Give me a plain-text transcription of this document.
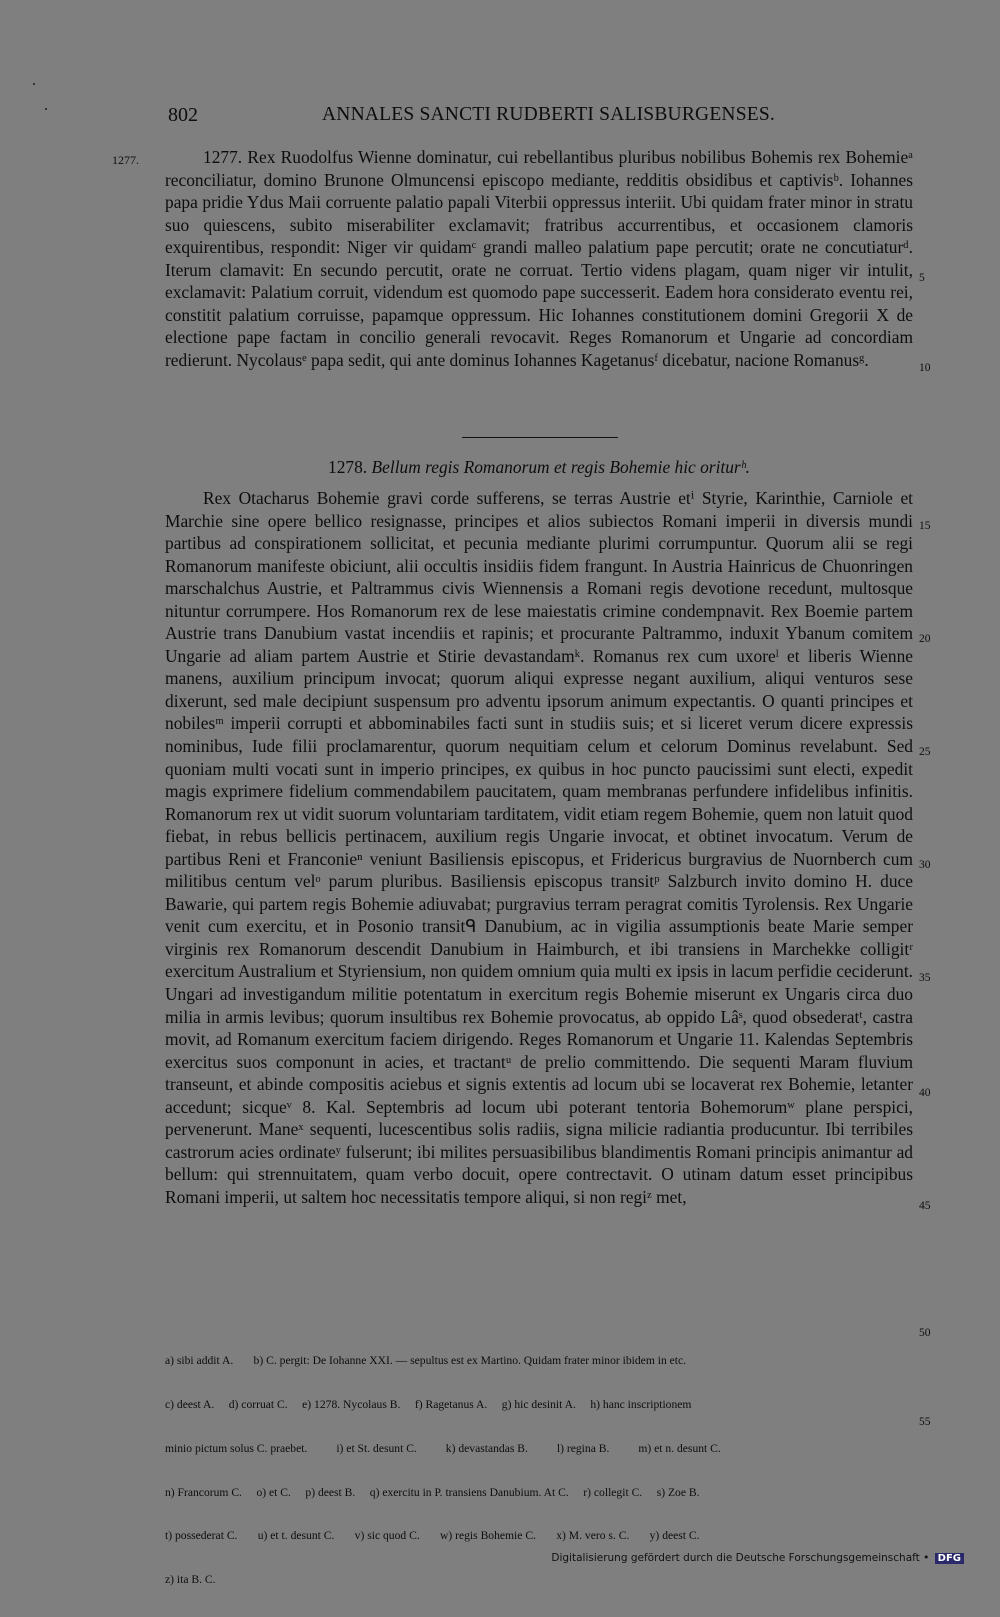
802	ANNALES SANCTI RUDBERTI SALISBURGENSES.
1277.	1277. Rex Ruodolfus Wienne dominatur, cui rebellantibus pluribus nobilibus Bohemis rex Bohemieᵃ reconciliatur, domino Brunone Olmuncensi episcopo mediante, redditis obsidibus et captivisᵇ. Iohannes papa pridie Ydus Maii corruente palatio papali Viterbii oppressus interiit. Ubi quidam frater minor in stratu suo quiescens, subito miserabiliter exclamavit; fratribus accurrentibus, et occasionem clamoris exquirentibus, respondit: Niger vir quidamᶜ grandi malleo palatium pape percutit; orate ne concutiaturᵈ. Iterum clamavit: En secundo percutit, orate ne corruat. Tertio videns plagam, quam niger vir intulit, exclamavit: Palatium corruit, videndum est quomodo pape successerit. Eadem hora considerato eventu rei, constitit palatium corruisse, papamque oppressum. Hic Iohannes constitutionem domini Gregorii X de electione pape factam in concilio generali revocavit. Reges Romanorum et Ungarie ad concordiam redierunt. Nycolausᵉ papa sedit, qui ante dominus Iohannes Kagetanusᶠ dicebatur, nacione Romanusᵍ.

1278. Bellum regis Romanorum et regis Bohemie hic oriturʰ.

Rex Otacharus Bohemie gravi corde sufferens, se terras Austrie etⁱ Styrie, Karinthie, Carniole et Marchie sine opere bellico resignasse, principes et alios subiectos Romani imperii in diversis mundi partibus ad conspirationem sollicitat, et pecunia mediante plurimi corrumpuntur. Quorum alii se regi Romanorum manifeste obiciunt, alii occultis insidiis fidem frangunt. In Austria Hainricus de Chuonringen marschalchus Austrie, et Paltrammus civis Wiennensis a Romani regis devotione recedunt, multosque nituntur corrumpere. Hos Romanorum rex de lese maiestatis crimine condempnavit. Rex Boemie partem Austrie trans Danubium vastat incendiis et rapinis; et procurante Paltrammo, induxit Ybanum comitem Ungarie ad aliam partem Austrie et Stirie devastandamᵏ. Romanus rex cum uxoreˡ et liberis Wienne manens, auxilium principum invocat; quorum aliqui expresse negant auxilium, aliqui venturos sese dixerunt, sed male decipiunt suspensum pro adventu ipsorum animum expectantis. O quanti principes et nobilesᵐ imperii corrupti et abbominabiles facti sunt in studiis suis; et si liceret verum dicere expressis nominibus, Iude filii proclamarentur, quorum nequitiam celum et celorum Dominus revelabunt. Sed quoniam multi vocati sunt in imperio principes, ex quibus in hoc puncto paucissimi sunt electi, expedit magis exprimere fidelium commendabilem paucitatem, quam membranas perfundere infidelibus infinitis. Romanorum rex ut vidit suorum voluntariam tarditatem, vidit etiam regem Bohemie, quem non latuit quod fiebat, in rebus bellicis pertinacem, auxilium regis Ungarie invocat, et obtinet invocatum. Verum de partibus Reni et Franconieⁿ veniunt Basiliensis episcopus, et Fridericus burgravius de Nuornberch cum militibus centum velᵒ parum pluribus. Basiliensis episcopus transitᵖ Salzburch invito domino H. duce Bawarie, qui partem regis Bohemie adiuvabat; purgravius terram peragrat comitis Tyrolensis. Rex Ungarie venit cum exercitu, et in Posonio transitᑫ Danubium, ac in vigilia assumptionis beate Marie semper virginis rex Romanorum descendit Danubium in Haimburch, et ibi transiens in Marchekke colligitʳ exercitum Australium et Styriensium, non quidem omnium quia multi ex ipsis in lacum perfidie ceciderunt. Ungari ad investigandum militie potentatum in exercitum regis Bohemie miserunt ex Ungaris circa duo milia in armis levibus; quorum insultibus rex Bohemie provocatus, ab oppido Lâˢ, quod obsederatᵗ, castra movit, ad Romanum exercitum faciem dirigendo. Reges Romanorum et Ungarie 11. Kalendas Septembris exercitus suos componunt in acies, et tractantᵘ de prelio committendo. Die sequenti Maram fluvium transeunt, et abinde compositis aciebus et signis extentis ad locum ubi se locaverat rex Bohemie, letanter accedunt; sicqueᵛ 8. Kal. Septembris ad locum ubi poterant tentoria Bohemorumʷ plane perspici, pervenerunt. Maneˣ sequenti, lucescentibus solis radiis, signa milicie radiantia producuntur. Ibi terribiles castrorum acies ordinateʸ fulserunt; ibi milites persuasibilibus blandimentis Romani principis animantur ad bellum: qui strennuitatem, quam verbo docuit, opere contrectavit. O utinam datum esset principibus Romani imperii, ut saltem hoc necessitatis tempore aliqui, si non regiᶻ met,

5
10
15
20
25
30
35
40
45

a) sibi addit A.       b) C. pergit: De Iohanne XXI. — sepultus est ex Martino. Quidam frater minor ibidem in etc.

c) deest A.     d) corruat C.     e) 1278. Nycolaus B.     f) Ragetanus A.     g) hic desinit A.     h) hanc inscriptionem

minio pictum solus C. praebet.          i) et St. desunt C.          k) devastandas B.          l) regina B.          m) et n. desunt C.

n) Francorum C.     o) et C.     p) deest B.     q) exercitu in P. transiens Danubium. At C.     r) collegit C.     s) Zoe B.

t) possederat C.       u) et t. desunt C.       v) sic quod C.       w) regis Bohemie C.       x) M. vero s. C.       y) deest C.

z) ita B. C.

50
55
Digitalisierung gefördert durch die Deutsche Forschungsgemeinschaft • DFG
